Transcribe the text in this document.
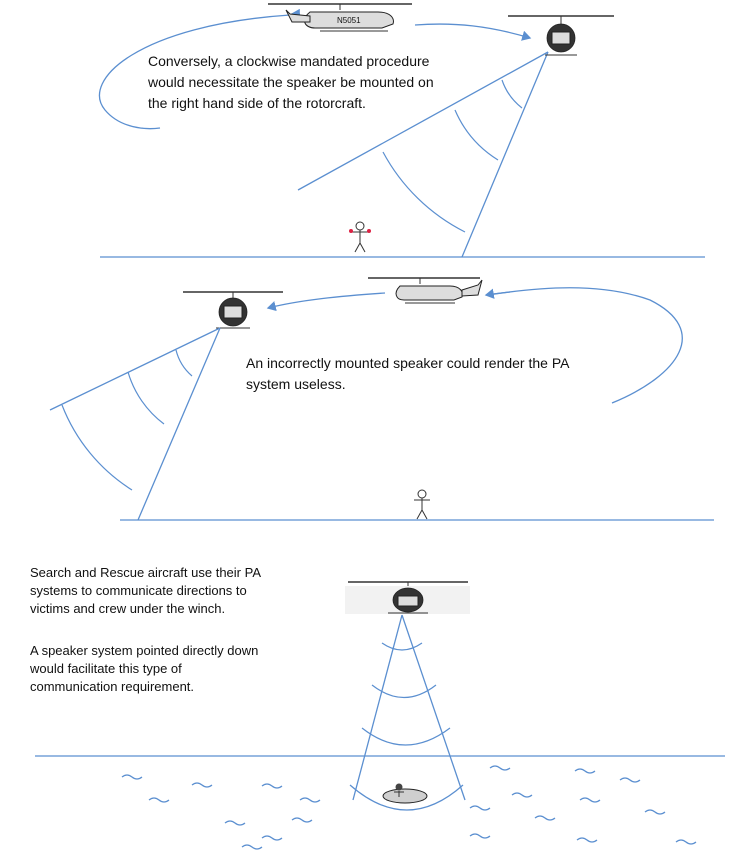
N5051
Conversely, a clockwise mandated procedure
would necessitate the speaker be mounted on
the right hand side of the rotorcraft.
An incorrectly mounted speaker could render the PA
system useless.
Search and Rescue aircraft use their PA
systems to communicate directions to
victims and crew under the winch.
A speaker system pointed directly down
would facilitate this type of
communication requirement.
